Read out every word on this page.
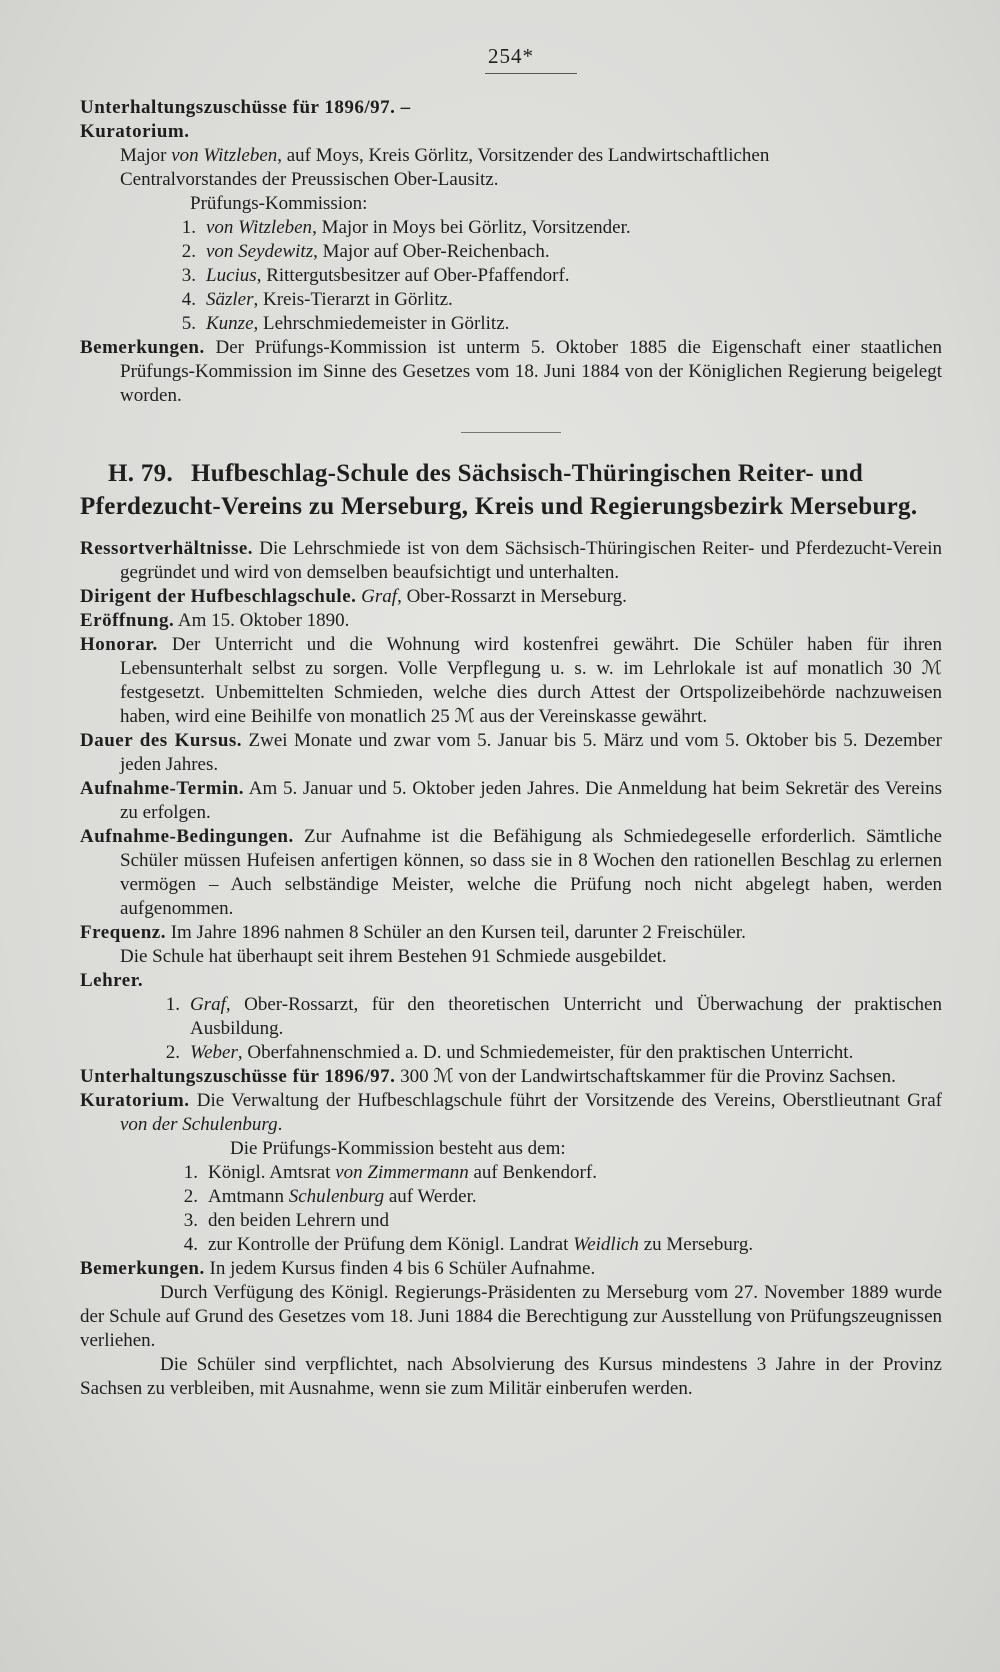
254*

Unterhaltungszuschüsse für 1896/97. –

Kuratorium.

Major von Witzleben, auf Moys, Kreis Görlitz, Vorsitzender des Landwirtschaftlichen

Centralvorstandes der Preussischen Ober-Lausitz.

Prüfungs-Kommission:

1. von Witzleben, Major in Moys bei Görlitz, Vorsitzender.
2. von Seydewitz, Major auf Ober-Reichenbach.
3. Lucius, Rittergutsbesitzer auf Ober-Pfaffendorf.
4. Säzler, Kreis-Tierarzt in Görlitz.
5. Kunze, Lehrschmiedemeister in Görlitz.

Bemerkungen. Der Prüfungs-Kommission ist unterm 5. Oktober 1885 die Eigenschaft einer staatlichen Prüfungs-Kommission im Sinne des Gesetzes vom 18. Juni 1884 von der Königlichen Regierung beigelegt worden.

H. 79. Hufbeschlag-Schule des Sächsisch-Thüringischen Reiter- und Pferdezucht-Vereins zu Merseburg, Kreis und Regierungsbezirk Merseburg.

Ressortverhältnisse. Die Lehrschmiede ist von dem Sächsisch-Thüringischen Reiter- und Pferdezucht-Verein gegründet und wird von demselben beaufsichtigt und unterhalten.

Dirigent der Hufbeschlagschule. Graf, Ober-Rossarzt in Merseburg.

Eröffnung. Am 15. Oktober 1890.

Honorar. Der Unterricht und die Wohnung wird kostenfrei gewährt. Die Schüler haben für ihren Lebensunterhalt selbst zu sorgen. Volle Verpflegung u. s. w. im Lehrlokale ist auf monatlich 30 ℳ festgesetzt. Unbemittelten Schmieden, welche dies durch Attest der Ortspolizeibehörde nachzuweisen haben, wird eine Beihilfe von monatlich 25 ℳ aus der Vereinskasse gewährt.

Dauer des Kursus. Zwei Monate und zwar vom 5. Januar bis 5. März und vom 5. Oktober bis 5. Dezember jeden Jahres.

Aufnahme-Termin. Am 5. Januar und 5. Oktober jeden Jahres. Die Anmeldung hat beim Sekretär des Vereins zu erfolgen.

Aufnahme-Bedingungen. Zur Aufnahme ist die Befähigung als Schmiedegeselle erforderlich. Sämtliche Schüler müssen Hufeisen anfertigen können, so dass sie in 8 Wochen den rationellen Beschlag zu erlernen vermögen – Auch selbständige Meister, welche die Prüfung noch nicht abgelegt haben, werden aufgenommen.

Frequenz. Im Jahre 1896 nahmen 8 Schüler an den Kursen teil, darunter 2 Freischüler.

Die Schule hat überhaupt seit ihrem Bestehen 91 Schmiede ausgebildet.

Lehrer.

1. Graf, Ober-Rossarzt, für den theoretischen Unterricht und Überwachung der praktischen Ausbildung.
2. Weber, Oberfahnenschmied a. D. und Schmiedemeister, für den praktischen Unterricht.

Unterhaltungszuschüsse für 1896/97. 300 ℳ von der Landwirtschaftskammer für die Provinz Sachsen.

Kuratorium. Die Verwaltung der Hufbeschlagschule führt der Vorsitzende des Vereins, Oberstlieutnant Graf von der Schulenburg.

Die Prüfungs-Kommission besteht aus dem:

1. Königl. Amtsrat von Zimmermann auf Benkendorf.
2. Amtmann Schulenburg auf Werder.
3. den beiden Lehrern und
4. zur Kontrolle der Prüfung dem Königl. Landrat Weidlich zu Merseburg.

Bemerkungen. In jedem Kursus finden 4 bis 6 Schüler Aufnahme.

Durch Verfügung des Königl. Regierungs-Präsidenten zu Merseburg vom 27. November 1889 wurde der Schule auf Grund des Gesetzes vom 18. Juni 1884 die Berechtigung zur Ausstellung von Prüfungszeugnissen verliehen.

Die Schüler sind verpflichtet, nach Absolvierung des Kursus mindestens 3 Jahre in der Provinz Sachsen zu verbleiben, mit Ausnahme, wenn sie zum Militär einberufen werden.
